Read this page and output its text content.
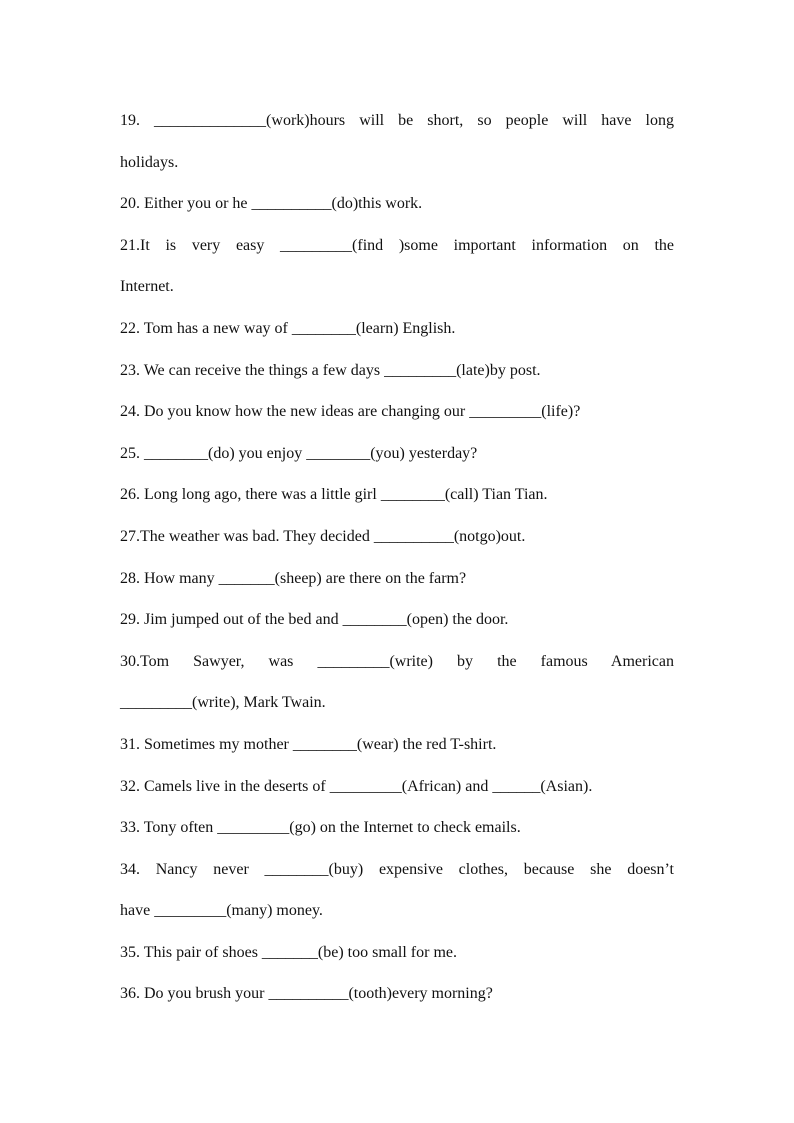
19. ______________(work)hours will be short, so people will have long

holidays.

20. Either you or he __________(do)this work.

21.It is very easy _________(find )some important information on the

Internet.

22. Tom has a new way of ________(learn) English.

23. We can receive the things a few days _________(late)by post.

24. Do you know how the new ideas are changing our _________(life)?

25. ________(do) you enjoy ________(you) yesterday?

26. Long long ago, there was a little girl ________(call) Tian Tian.

27.The weather was bad. They decided __________(notgo)out.

28. How many _______(sheep) are there on the farm?

29. Jim jumped out of the bed and ________(open) the door.

30.Tom Sawyer, was _________(write) by the famous American

_________(write), Mark Twain.

31. Sometimes my mother ________(wear) the red T-shirt.

32. Camels live in the deserts of _________(African) and ______(Asian).

33. Tony often _________(go) on the Internet to check emails.

34. Nancy never ________(buy) expensive clothes, because she doesn’t

have _________(many) money.

35. This pair of shoes _______(be) too small for me.

36. Do you brush your __________(tooth)every morning?
